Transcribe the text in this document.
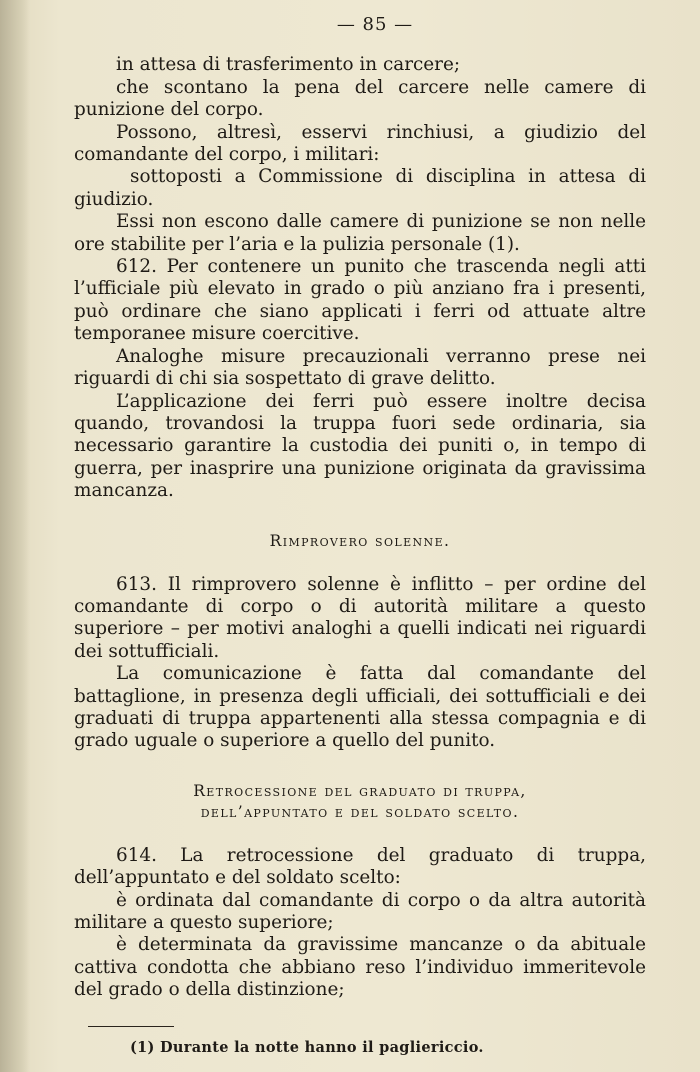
— 85 —

in attesa di trasferimento in carcere;

che scontano la pena del carcere nelle camere di punizione del corpo.

Possono, altresì, esservi rinchiusi, a giudizio del comandante del corpo, i militari:

sottoposti a Commissione di disciplina in attesa di giudizio.

Essi non escono dalle camere di punizione se non nelle ore stabilite per l’aria e la pulizia personale (1).

612. Per contenere un punito che trascenda negli atti l’ufficiale più elevato in grado o più anziano fra i presenti, può ordinare che siano applicati i ferri od attuate altre temporanee misure coercitive.

Analoghe misure precauzionali verranno prese nei riguardi di chi sia sospettato di grave delitto.

L’applicazione dei ferri può essere inoltre decisa quando, trovandosi la truppa fuori sede ordinaria, sia necessario garantire la custodia dei puniti o, in tempo di guerra, per inasprire una punizione originata da gravissima mancanza.

Rimprovero solenne.

613. Il rimprovero solenne è inflitto – per ordine del comandante di corpo o di autorità militare a questo superiore – per motivi analoghi a quelli indicati nei riguardi dei sottufficiali.

La comunicazione è fatta dal comandante del battaglione, in presenza degli ufficiali, dei sottufficiali e dei graduati di truppa appartenenti alla stessa compagnia e di grado uguale o superiore a quello del punito.

Retrocessione del graduato di truppa,
dell’appuntato e del soldato scelto.

614. La retrocessione del graduato di truppa, dell’appuntato e del soldato scelto:

è ordinata dal comandante di corpo o da altra autorità militare a questo superiore;

è determinata da gravissime mancanze o da abituale cattiva condotta che abbiano reso l’individuo immeritevole del grado o della distinzione;

(1) Durante la notte hanno il pagliericcio.
